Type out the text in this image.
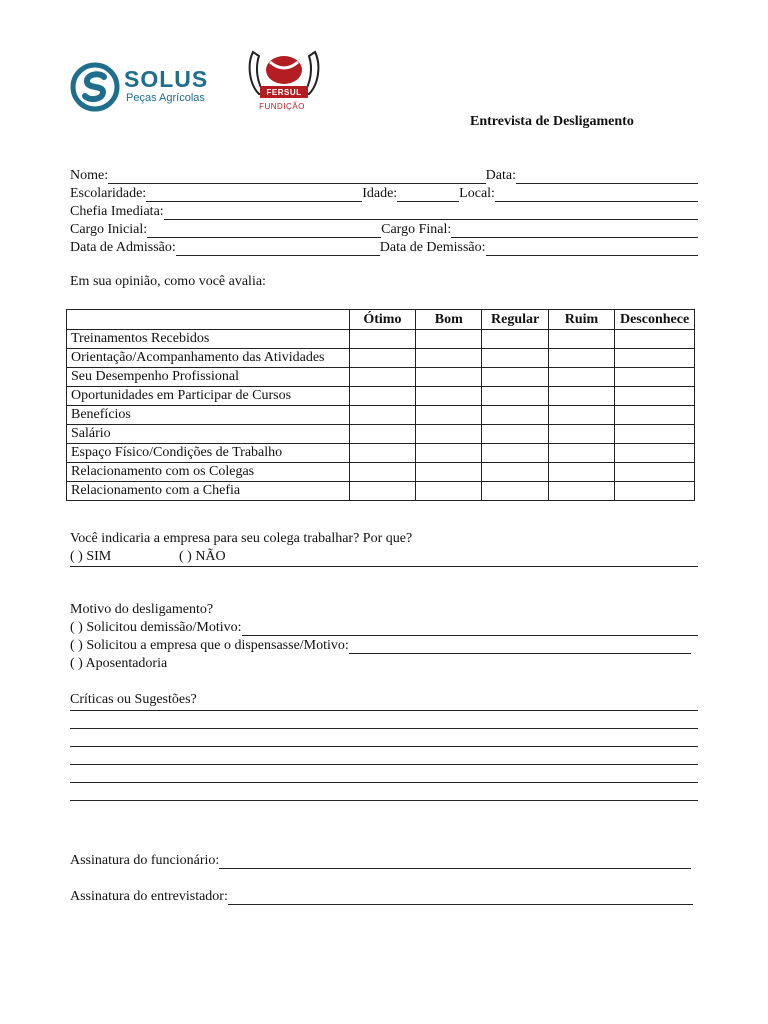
SOLUS
Peças Agrícolas	FERSUL
FUNDIÇÃO
Entrevista de Desligamento
Nome:	Data:
Escolaridade:	Idade:	Local:
Chefia Imediata:
Cargo Inicial:	Cargo Final:
Data de Admissão:	Data de Demissão:
Em sua opinião, como você avalia:
	Ótimo	Bom	Regular	Ruim	Desconhece
Treinamentos Recebidos					
Orientação/Acompanhamento das Atividades					
Seu Desempenho Profissional					
Oportunidades em Participar de Cursos					
Benefícios					
Salário					
Espaço Físico/Condições de Trabalho					
Relacionamento com os Colegas					
Relacionamento com a Chefia					
Você indicaria a empresa para seu colega trabalhar? Por que?
( ) SIM	( ) NÃO
Motivo do desligamento?
( ) Solicitou demissão/Motivo:
( ) Solicitou a empresa que o dispensasse/Motivo:
( ) Aposentadoria
Críticas ou Sugestões?
Assinatura do funcionário:
Assinatura do entrevistador:
